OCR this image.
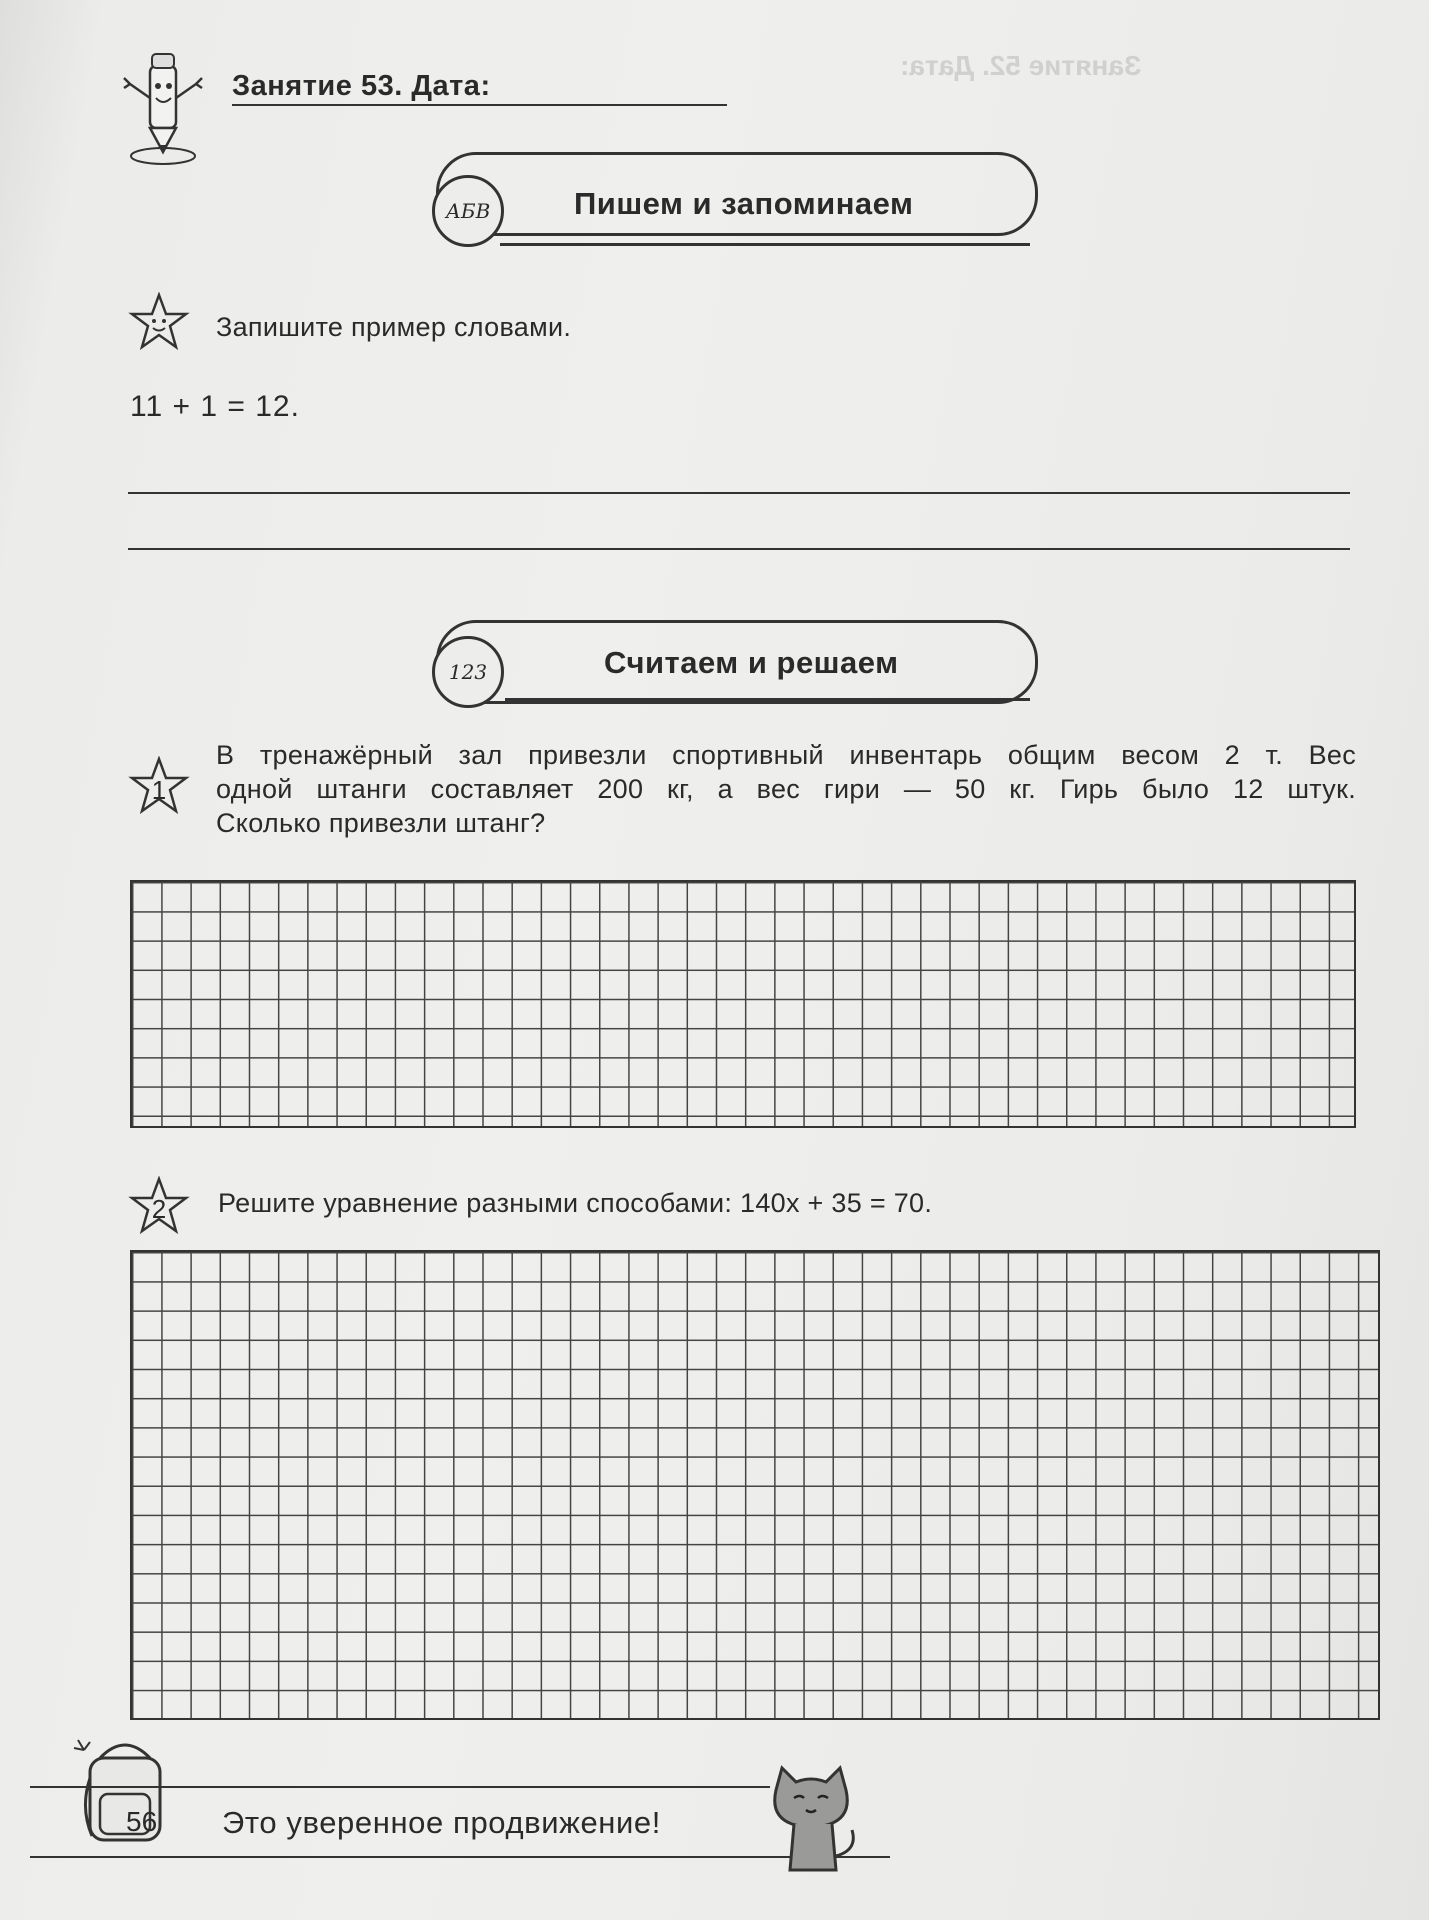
Занятие 52. Дата:
Занятие 53. Дата:
АБВ	Пишем и запоминаем
Запишите пример словами.
11 + 1 = 12.
123	Считаем и решаем
1
В тренажёрный зал привезли спортивный инвентарь общим весом 2 т. Вес
одной штанги составляет 200 кг, а вес гири — 50 кг. Гирь было 12 штук.
Сколько привезли штанг?
2	Решите уравнение разными способами: 140x + 35 = 70.
56 Это уверенное продвижение!
